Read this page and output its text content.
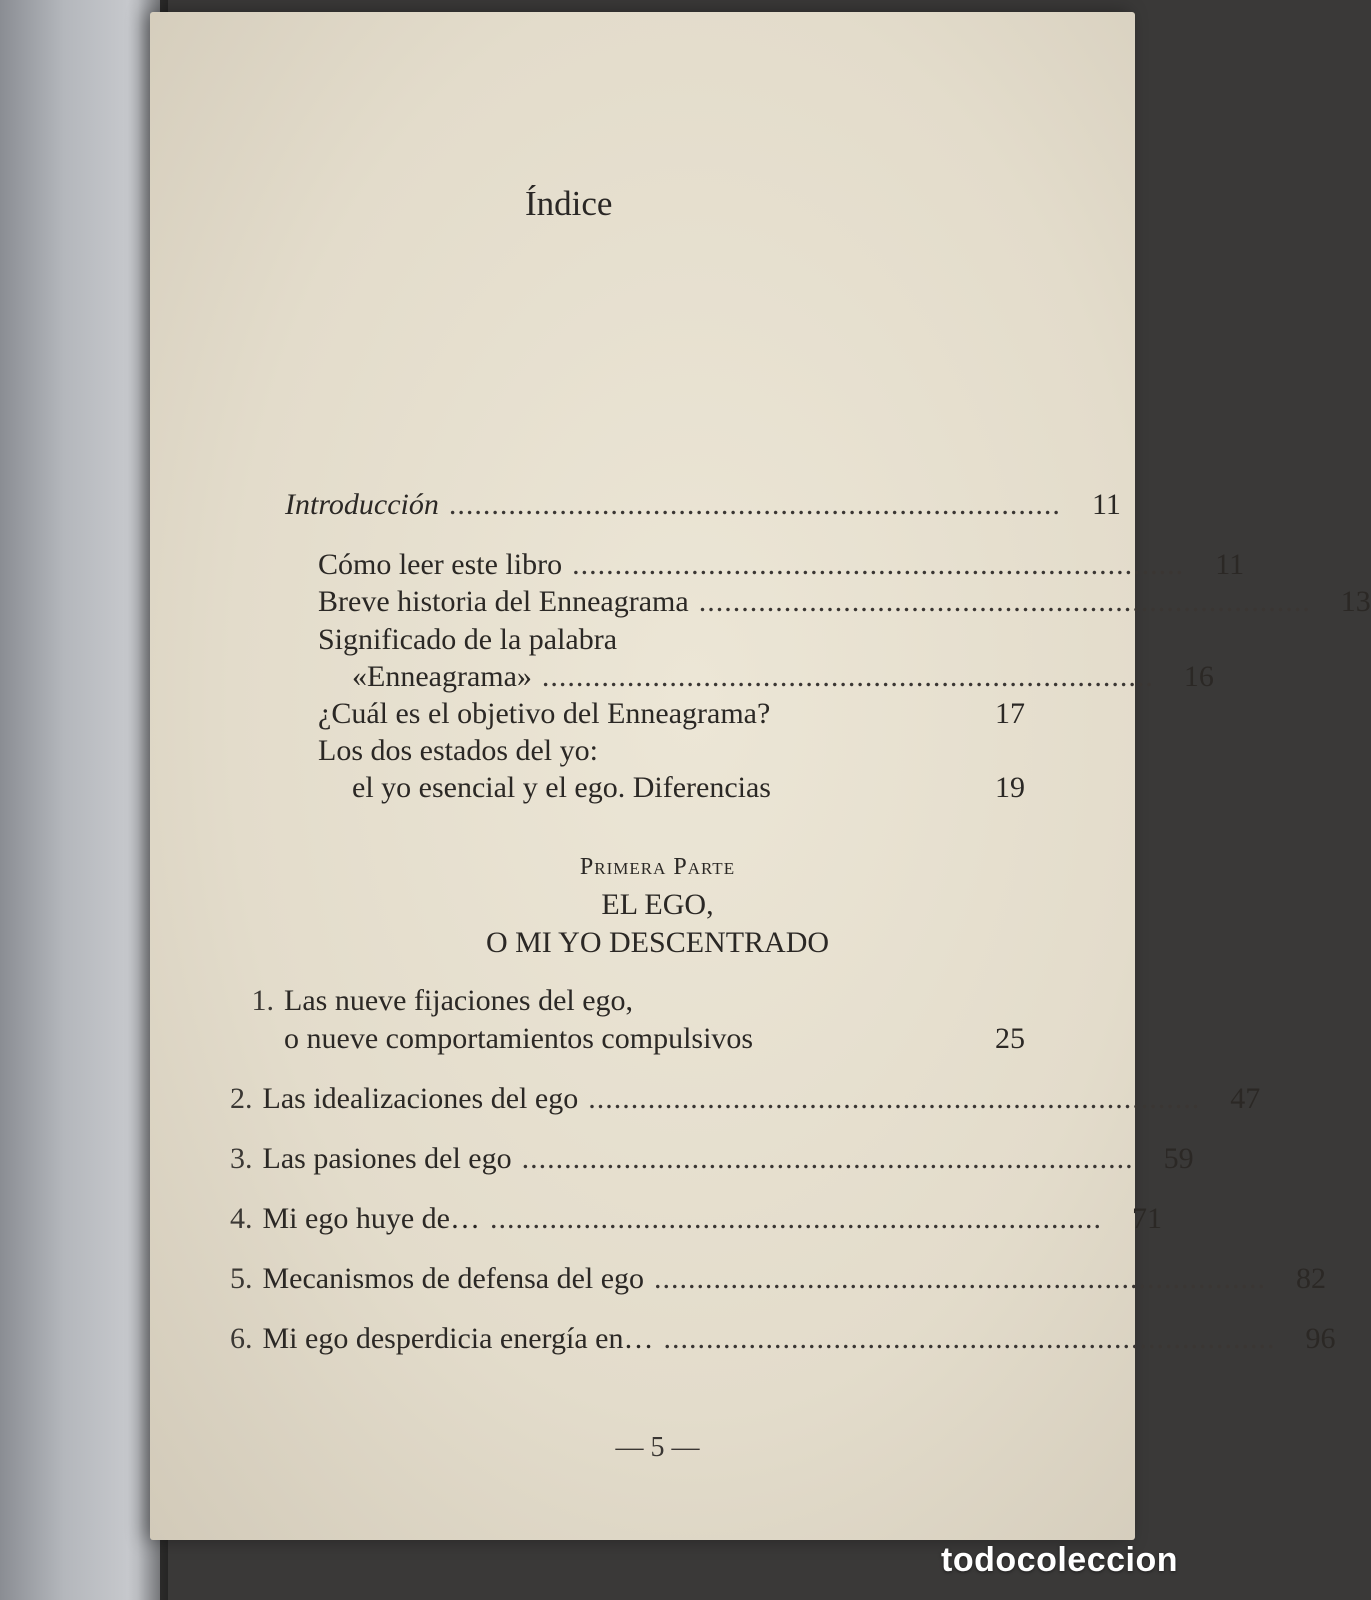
Índice
Introducción ........................................................................	11
Cómo leer este libro ........................................................................	11
Breve historia del Enneagrama ........................................................................	13
Significado de la palabra
«Enneagrama» ........................................................................	16
¿Cuál es el objetivo del Enneagrama?	17
Los dos estados del yo:
el yo esencial y el ego. Diferencias	19
Primera Parte
EL EGO,
O MI YO DESCENTRADO
1. Las nueve fijaciones del ego,
o nueve comportamientos compulsivos	25
2. Las idealizaciones del ego ........................................................................	47
3. Las pasiones del ego ........................................................................	59
4. Mi ego huye de… ........................................................................	71
5. Mecanismos de defensa del ego ........................................................................	82
6. Mi ego desperdicia energía en… ........................................................................	96
— 5 —
todocoleccion
